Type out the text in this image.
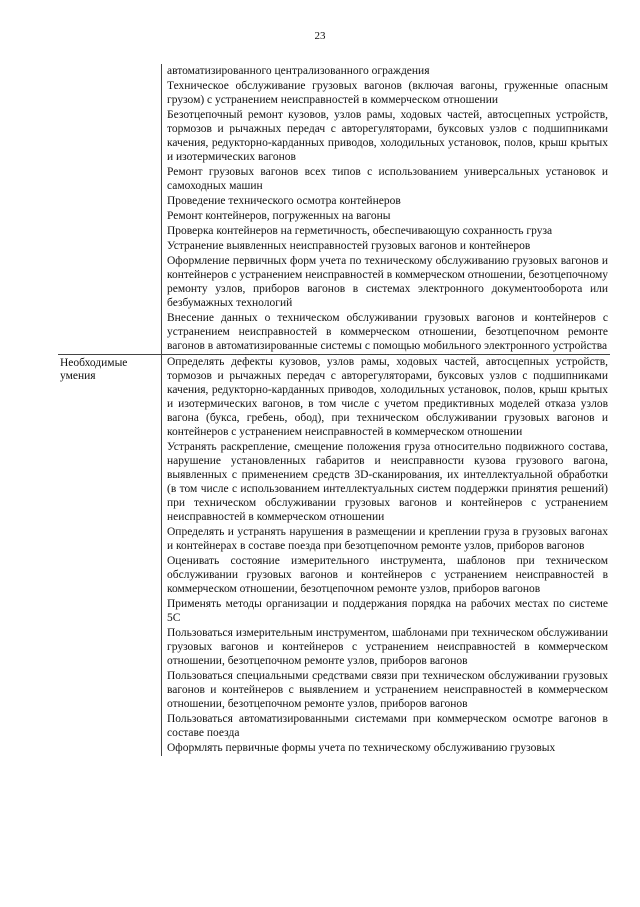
23

	автоматизированного централизованного ограждения

	Техническое обслуживание грузовых вагонов (включая вагоны, груженные опасным грузом) с устранением неисправностей в коммерческом отношении

	Безотцепочный ремонт кузовов, узлов рамы, ходовых частей, автосцепных устройств, тормозов и рычажных передач с авторегуляторами, буксовых узлов с подшипниками качения, редукторно-карданных приводов, холодильных установок, полов, крыш крытых и изотермических вагонов

	Ремонт грузовых вагонов всех типов с использованием универсальных установок и самоходных машин

	Проведение технического осмотра контейнеров

	Ремонт контейнеров, погруженных на вагоны

	Проверка контейнеров на герметичность, обеспечивающую сохранность груза

	Устранение выявленных неисправностей грузовых вагонов и контейнеров

	Оформление первичных форм учета по техническому обслуживанию грузовых вагонов и контейнеров с устранением неисправностей в коммерческом отношении, безотцепочному ремонту узлов, приборов вагонов в системах электронного документооборота или безбумажных технологий

	Внесение данных о техническом обслуживании грузовых вагонов и контейнеров с устранением неисправностей в коммерческом отношении, безотцепочном ремонте вагонов в автоматизированные системы с помощью мобильного электронного устройства

Необходимые умения	Определять дефекты кузовов, узлов рамы, ходовых частей, автосцепных устройств, тормозов и рычажных передач с авторегуляторами, буксовых узлов с подшипниками качения, редукторно-карданных приводов, холодильных установок, полов, крыш крытых и изотермических вагонов, в том числе с учетом предиктивных моделей отказа узлов вагона (букса, гребень, обод), при техническом обслуживании грузовых вагонов и контейнеров с устранением неисправностей в коммерческом отношении

	Устранять раскрепление, смещение положения груза относительно подвижного состава, нарушение установленных габаритов и неисправности кузова грузового вагона, выявленных с применением средств 3D-сканирования, их интеллектуальной обработки (в том числе с использованием интеллектуальных систем поддержки принятия решений) при техническом обслуживании грузовых вагонов и контейнеров с устранением неисправностей в коммерческом отношении

	Определять и устранять нарушения в размещении и креплении груза в грузовых вагонах и контейнерах в составе поезда при безотцепочном ремонте узлов, приборов вагонов

	Оценивать состояние измерительного инструмента, шаблонов при техническом обслуживании грузовых вагонов и контейнеров с устранением неисправностей в коммерческом отношении, безотцепочном ремонте узлов, приборов вагонов

	Применять методы организации и поддержания порядка на рабочих местах по системе 5С

	Пользоваться измерительным инструментом, шаблонами при техническом обслуживании грузовых вагонов и контейнеров с устранением неисправностей в коммерческом отношении, безотцепочном ремонте узлов, приборов вагонов

	Пользоваться специальными средствами связи при техническом обслуживании грузовых вагонов и контейнеров с выявлением и устранением неисправностей в коммерческом отношении, безотцепочном ремонте узлов, приборов вагонов

	Пользоваться автоматизированными системами при коммерческом осмотре вагонов в составе поезда

	Оформлять первичные формы учета по техническому обслуживанию грузовых
